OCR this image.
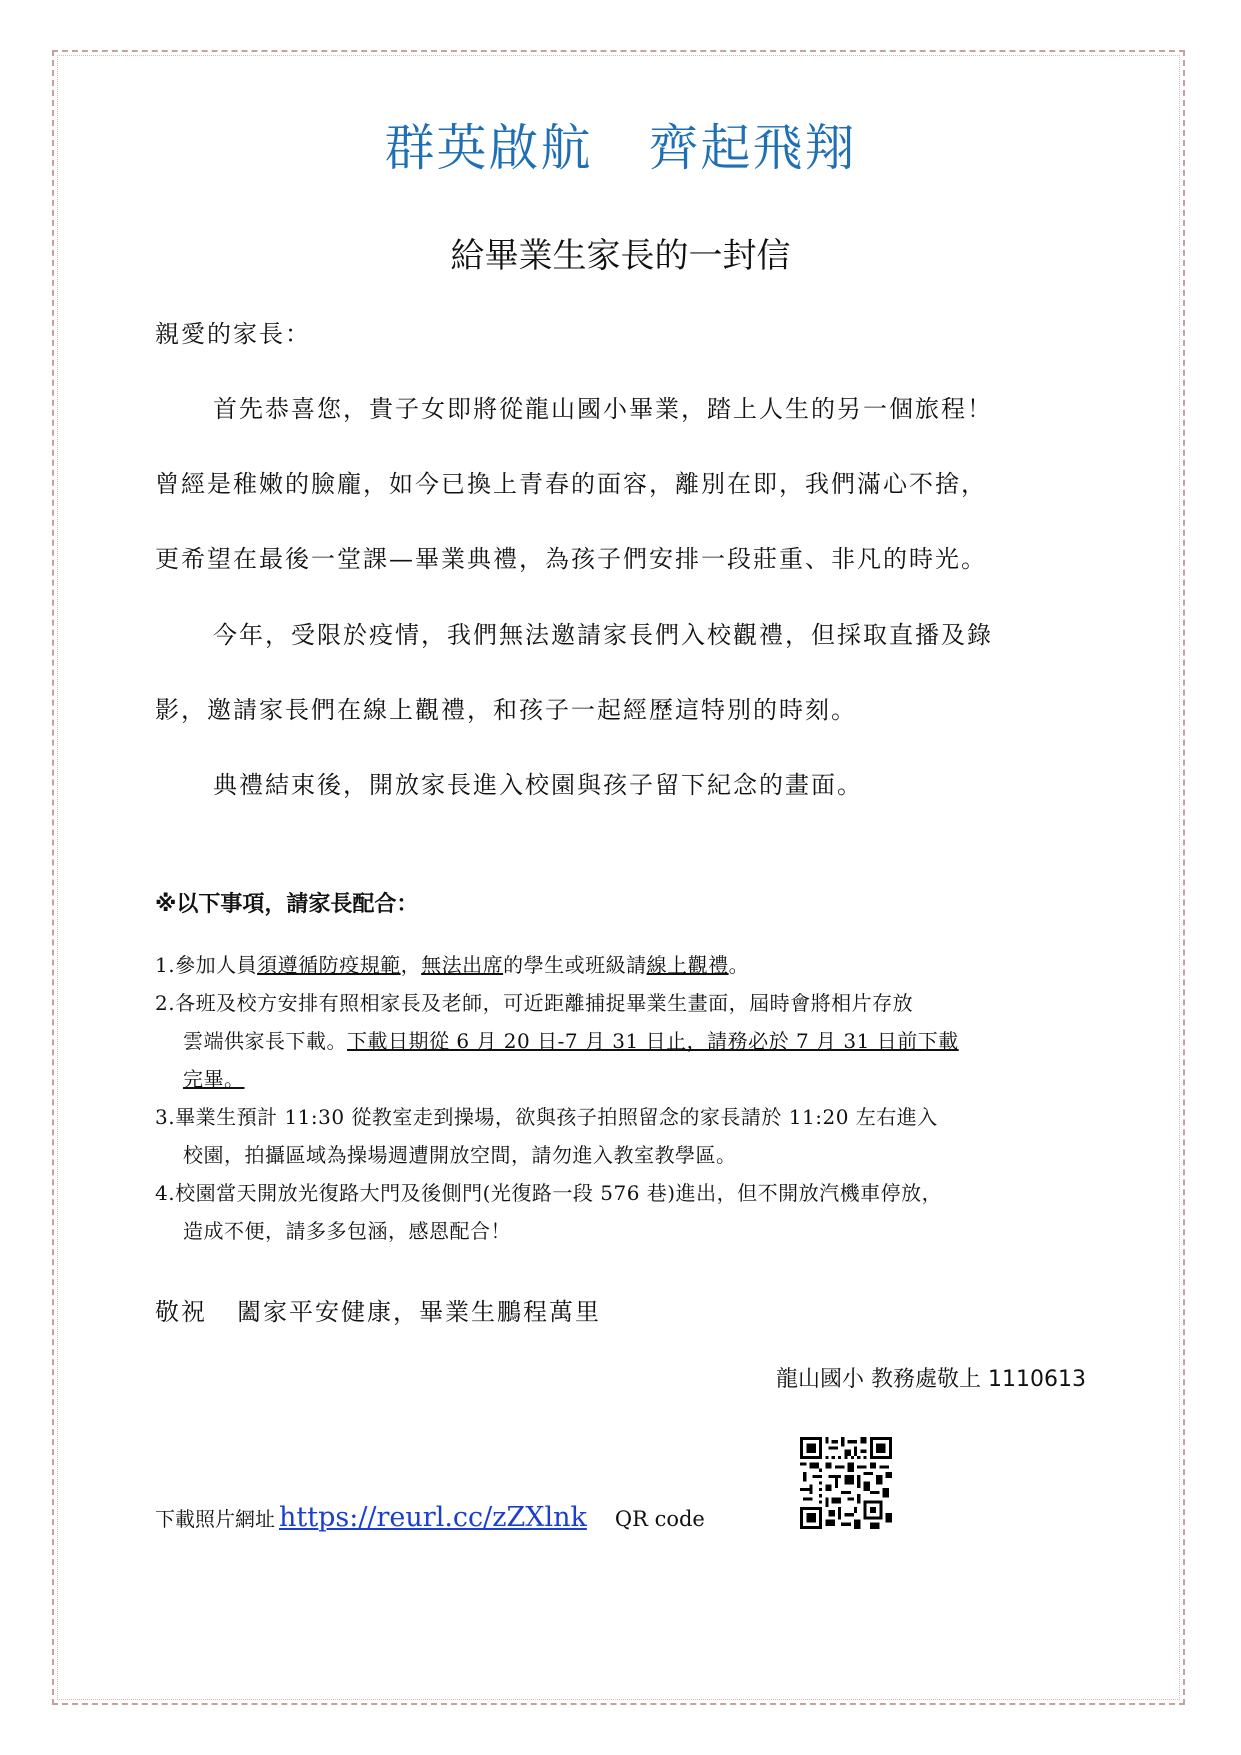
群英啟航 齊起飛翔
給畢業生家長的一封信
親愛的家長：
首先恭喜您，貴子女即將從龍山國小畢業，踏上人生的另一個旅程！
曾經是稚嫩的臉龐，如今已換上青春的面容，離別在即，我們滿心不捨，
更希望在最後一堂課—畢業典禮，為孩子們安排一段莊重、非凡的時光。
今年，受限於疫情，我們無法邀請家長們入校觀禮，但採取直播及錄
影，邀請家長們在線上觀禮，和孩子一起經歷這特別的時刻。
典禮結束後，開放家長進入校園與孩子留下紀念的畫面。
※以下事項，請家長配合：
1.參加人員須遵循防疫規範，無法出席的學生或班級請線上觀禮。
2.各班及校方安排有照相家長及老師，可近距離捕捉畢業生畫面，屆時會將相片存放
雲端供家長下載。下載日期從 6 月 20 日-7 月 31 日止，請務必於 7 月 31 日前下載
完畢。
3.畢業生預計 11:30 從教室走到操場，欲與孩子拍照留念的家長請於 11:20 左右進入
校園，拍攝區域為操場週遭開放空間，請勿進入教室教學區。
4.校園當天開放光復路大門及後側門(光復路一段 576 巷)進出，但不開放汽機車停放，
造成不便，請多多包涵，感恩配合！
敬祝 闔家平安健康，畢業生鵬程萬里
龍山國小 教務處敬上 1110613
下載照片網址 https://reurl.cc/zZXlnk QR code
